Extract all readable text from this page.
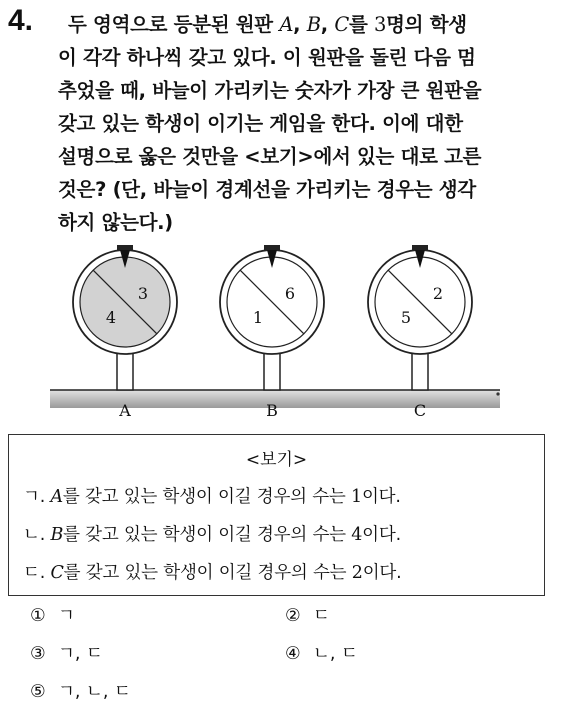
4.	두 영역으로 등분된 원판 A, B, C를 3명의 학생
이 각각 하나씩 갖고 있다. 이 원판을 돌린 다음 멈
추었을 때, 바늘이 가리키는 숫자가 가장 큰 원판을
갖고 있는 학생이 이기는 게임을 한다. 이에 대한
설명으로 옳은 것만을 <보기>에서 있는 대로 고른
것은? (단, 바늘이 경계선을 가리키는 경우는 생각
하지 않는다.)
3
4
A
6
1
B
2
5
C
<보기>
ㄱ. A를 갖고 있는 학생이 이길 경우의 수는 1이다.
ㄴ. B를 갖고 있는 학생이 이길 경우의 수는 4이다.
ㄷ. C를 갖고 있는 학생이 이길 경우의 수는 2이다.
① ㄱ	② ㄷ
③ ㄱ, ㄷ	④ ㄴ, ㄷ
⑤ ㄱ, ㄴ, ㄷ
